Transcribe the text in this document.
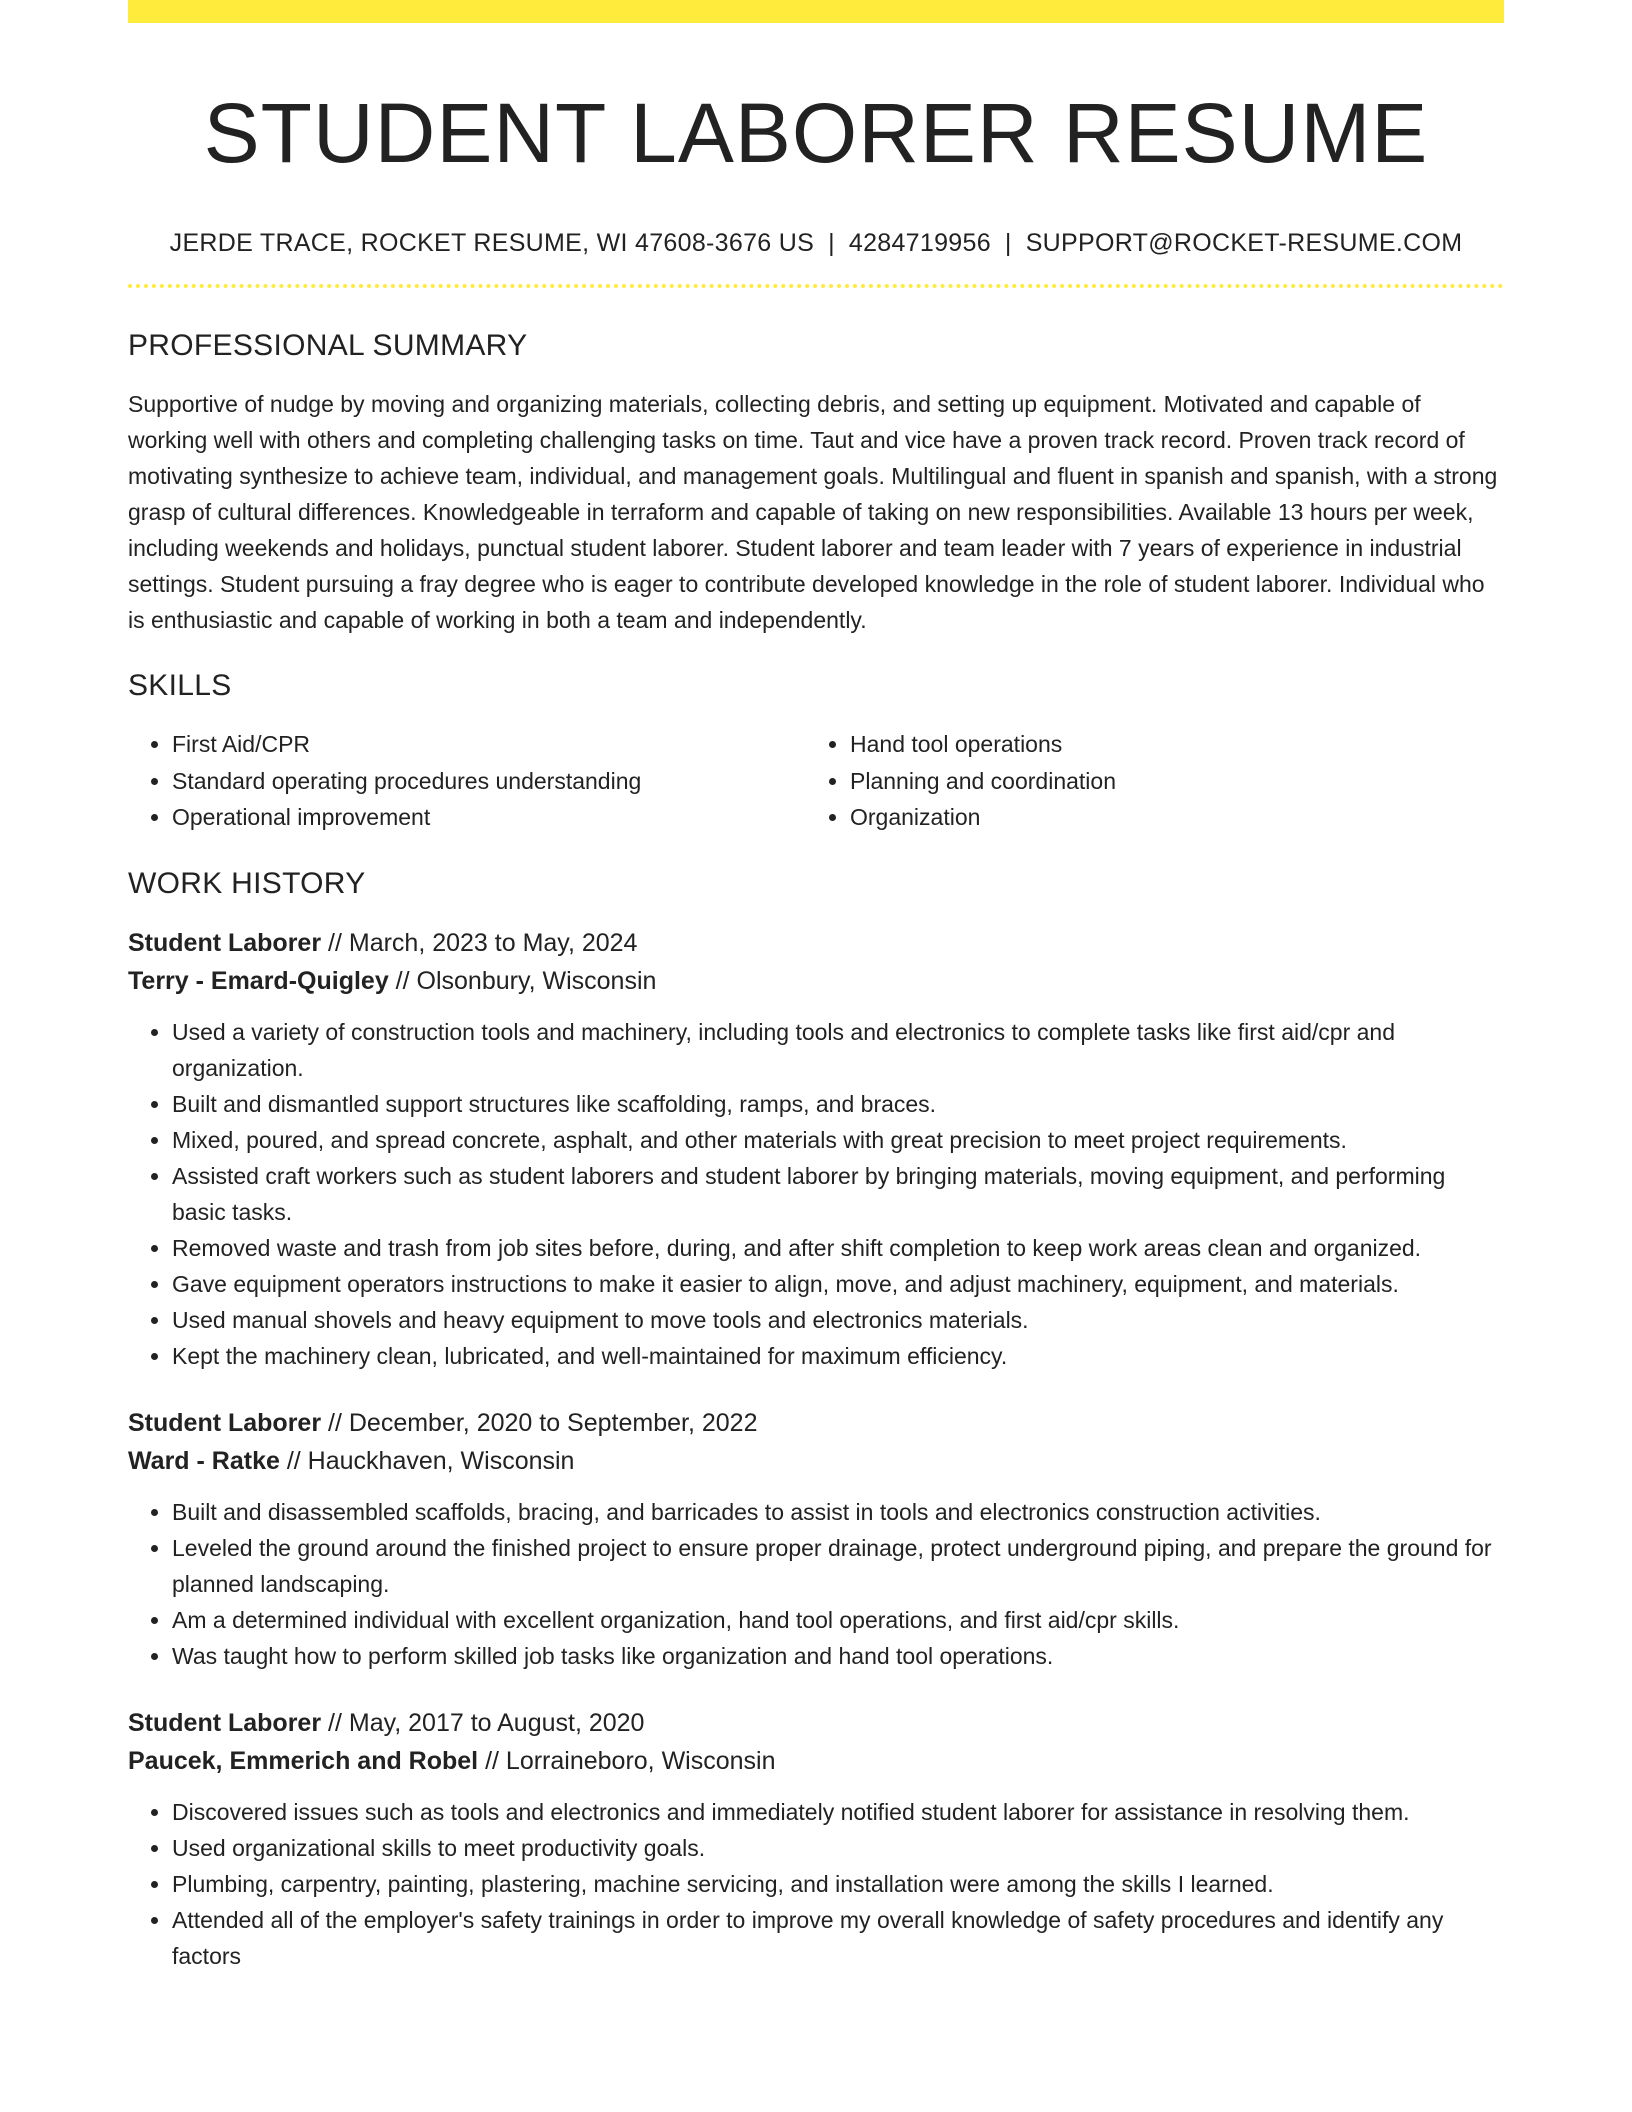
STUDENT LABORER RESUME
JERDE TRACE, ROCKET RESUME, WI 47608-3676 US | 4284719956 | SUPPORT@ROCKET-RESUME.COM
PROFESSIONAL SUMMARY

Supportive of nudge by moving and organizing materials, collecting debris, and setting up equipment. Motivated and capable of working well with others and completing challenging tasks on time. Taut and vice have a proven track record. Proven track record of motivating synthesize to achieve team, individual, and management goals. Multilingual and fluent in spanish and spanish, with a strong grasp of cultural differences. Knowledgeable in terraform and capable of taking on new responsibilities. Available 13 hours per week, including weekends and holidays, punctual student laborer. Student laborer and team leader with 7 years of experience in industrial settings. Student pursuing a fray degree who is eager to contribute developed knowledge in the role of student laborer. Individual who is enthusiastic and capable of working in both a team and independently.

SKILLS
• First Aid/CPR
• Standard operating procedures understanding
• Operational improvement
• Hand tool operations
• Planning and coordination
• Organization
WORK HISTORY
Student Laborer // March, 2023 to May, 2024
Terry - Emard-Quigley // Olsonbury, Wisconsin
• Used a variety of construction tools and machinery, including tools and electronics to complete tasks like first aid/cpr and organization.
• Built and dismantled support structures like scaffolding, ramps, and braces.
• Mixed, poured, and spread concrete, asphalt, and other materials with great precision to meet project requirements.
• Assisted craft workers such as student laborers and student laborer by bringing materials, moving equipment, and performing basic tasks.
• Removed waste and trash from job sites before, during, and after shift completion to keep work areas clean and organized.
• Gave equipment operators instructions to make it easier to align, move, and adjust machinery, equipment, and materials.
• Used manual shovels and heavy equipment to move tools and electronics materials.
• Kept the machinery clean, lubricated, and well-maintained for maximum efficiency.
Student Laborer // December, 2020 to September, 2022
Ward - Ratke // Hauckhaven, Wisconsin
• Built and disassembled scaffolds, bracing, and barricades to assist in tools and electronics construction activities.
• Leveled the ground around the finished project to ensure proper drainage, protect underground piping, and prepare the ground for planned landscaping.
• Am a determined individual with excellent organization, hand tool operations, and first aid/cpr skills.
• Was taught how to perform skilled job tasks like organization and hand tool operations.
Student Laborer // May, 2017 to August, 2020
Paucek, Emmerich and Robel // Lorraineboro, Wisconsin
• Discovered issues such as tools and electronics and immediately notified student laborer for assistance in resolving them.
• Used organizational skills to meet productivity goals.
• Plumbing, carpentry, painting, plastering, machine servicing, and installation were among the skills I learned.
• Attended all of the employer's safety trainings in order to improve my overall knowledge of safety procedures and identify any factors
